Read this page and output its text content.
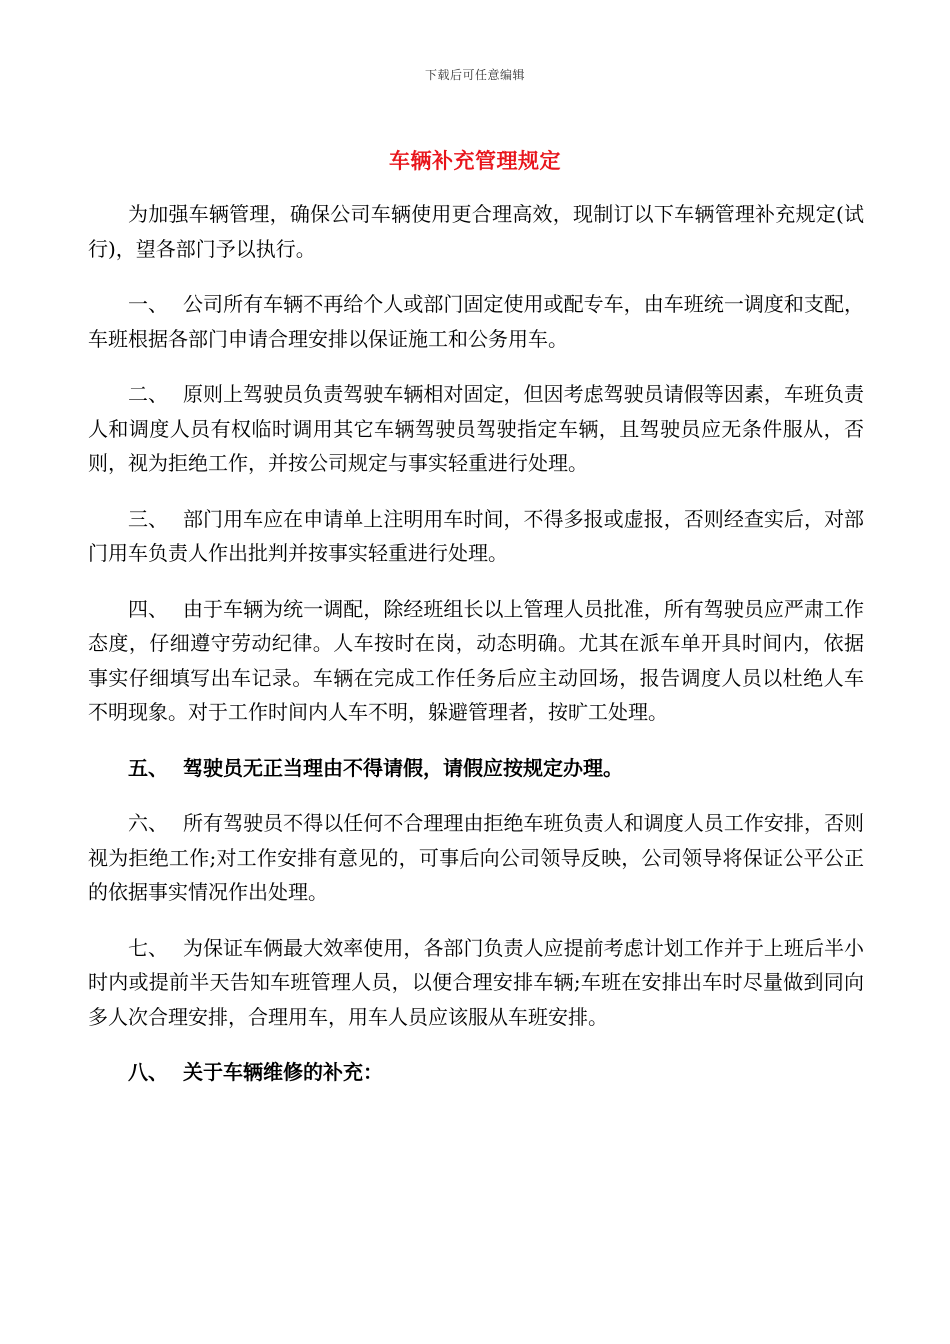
下载后可任意编辑
车辆补充管理规定

为加强车辆管理，确保公司车辆使用更合理高效，现制订以下车辆管理补充规定(试行)，望各部门予以执行。

一、 公司所有车辆不再给个人或部门固定使用或配专车，由车班统一调度和支配，车班根据各部门申请合理安排以保证施工和公务用车。

二、 原则上驾驶员负责驾驶车辆相对固定，但因考虑驾驶员请假等因素，车班负责人和调度人员有权临时调用其它车辆驾驶员驾驶指定车辆，且驾驶员应无条件服从，否则，视为拒绝工作，并按公司规定与事实轻重进行处理。

三、 部门用车应在申请单上注明用车时间，不得多报或虚报，否则经查实后，对部门用车负责人作出批判并按事实轻重进行处理。

四、 由于车辆为统一调配，除经班组长以上管理人员批准，所有驾驶员应严肃工作态度，仔细遵守劳动纪律。人车按时在岗，动态明确。尤其在派车单开具时间内，依据事实仔细填写出车记录。车辆在完成工作任务后应主动回场，报告调度人员以杜绝人车不明现象。对于工作时间内人车不明，躲避管理者，按旷工处理。

五、 驾驶员无正当理由不得请假，请假应按规定办理。

六、 所有驾驶员不得以任何不合理理由拒绝车班负责人和调度人员工作安排，否则视为拒绝工作;对工作安排有意见的，可事后向公司领导反映，公司领导将保证公平公正的依据事实情况作出处理。

七、 为保证车俩最大效率使用，各部门负责人应提前考虑计划工作并于上班后半小时内或提前半天告知车班管理人员，以便合理安排车辆;车班在安排出车时尽量做到同向多人次合理安排，合理用车，用车人员应该服从车班安排。

八、 关于车辆维修的补充：
